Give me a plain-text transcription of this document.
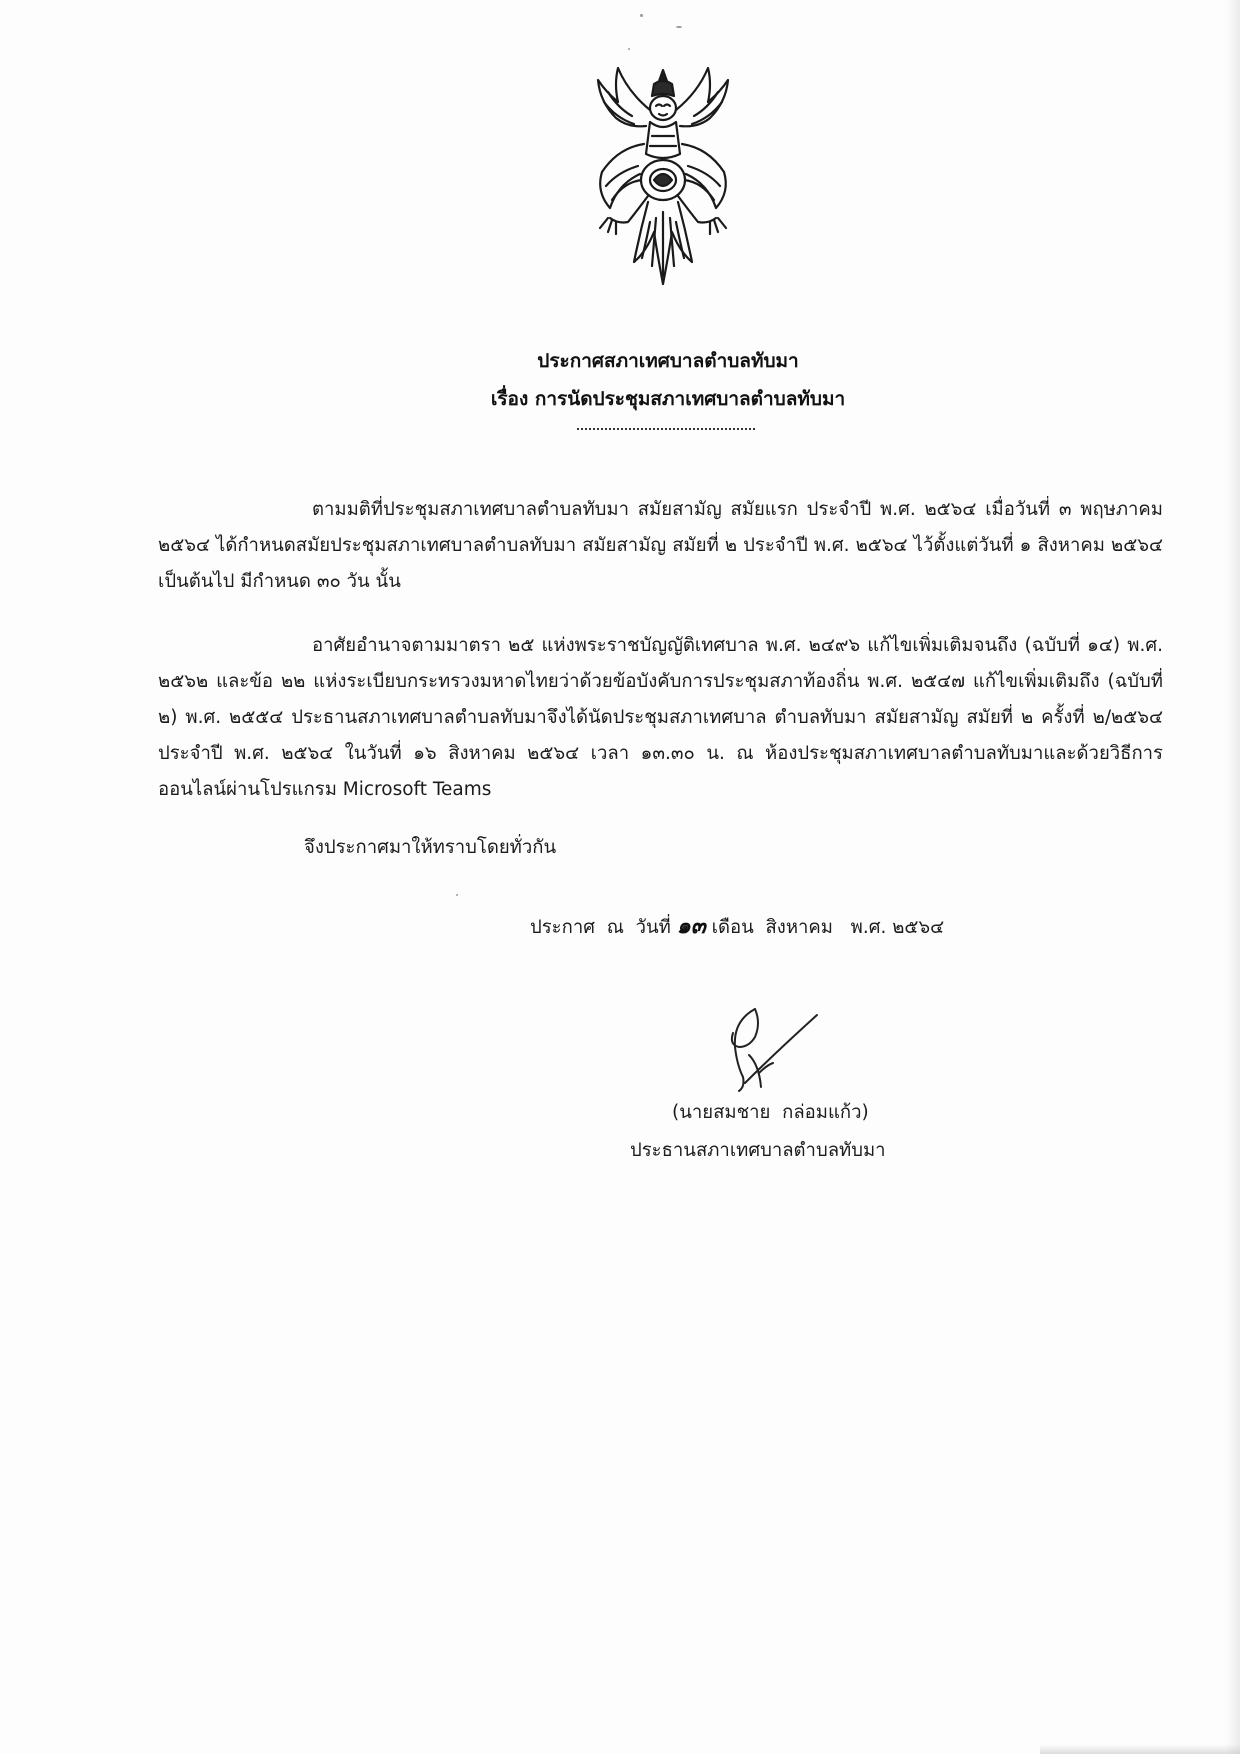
ประกาศสภาเทศบาลตำบลทับมา
เรื่อง การนัดประชุมสภาเทศบาลตำบลทับมา
ตามมติที่ประชุมสภาเทศบาลตำบลทับมา สมัยสามัญ สมัยแรก ประจำปี พ.ศ. ๒๕๖๔ เมื่อวันที่ ๓ พฤษภาคม ๒๕๖๔ ได้กำหนดสมัยประชุมสภาเทศบาลตำบลทับมา สมัยสามัญ สมัยที่ ๒ ประจำปี พ.ศ. ๒๕๖๔ ไว้ตั้งแต่วันที่ ๑ สิงหาคม ๒๕๖๔ เป็นต้นไป มีกำหนด ๓๐ วัน นั้น
อาศัยอำนาจตามมาตรา ๒๕ แห่งพระราชบัญญัติเทศบาล พ.ศ. ๒๔๙๖ แก้ไขเพิ่มเติมจนถึง (ฉบับที่ ๑๔) พ.ศ. ๒๕๖๒ และข้อ ๒๒ แห่งระเบียบกระทรวงมหาดไทยว่าด้วยข้อบังคับการประชุมสภาท้องถิ่น พ.ศ. ๒๕๔๗ แก้ไขเพิ่มเติมถึง (ฉบับที่ ๒) พ.ศ. ๒๕๕๔ ประธานสภาเทศบาลตำบลทับมาจึงได้นัดประชุมสภาเทศบาล ตำบลทับมา สมัยสามัญ สมัยที่ ๒ ครั้งที่ ๒/๒๕๖๔ ประจำปี พ.ศ. ๒๕๖๔ ในวันที่ ๑๖ สิงหาคม ๒๕๖๔ เวลา ๑๓.๓๐ น. ณ ห้องประชุมสภาเทศบาลตำบลทับมาและด้วยวิธีการออนไลน์ผ่านโปรแกรม Microsoft Teams
จึงประกาศมาให้ทราบโดยทั่วกัน
ประกาศ  ณ  วันที่ ๑๓ เดือน  สิงหาคม   พ.ศ. ๒๕๖๔
(นายสมชาย  กล่อมแก้ว)
ประธานสภาเทศบาลตำบลทับมา
